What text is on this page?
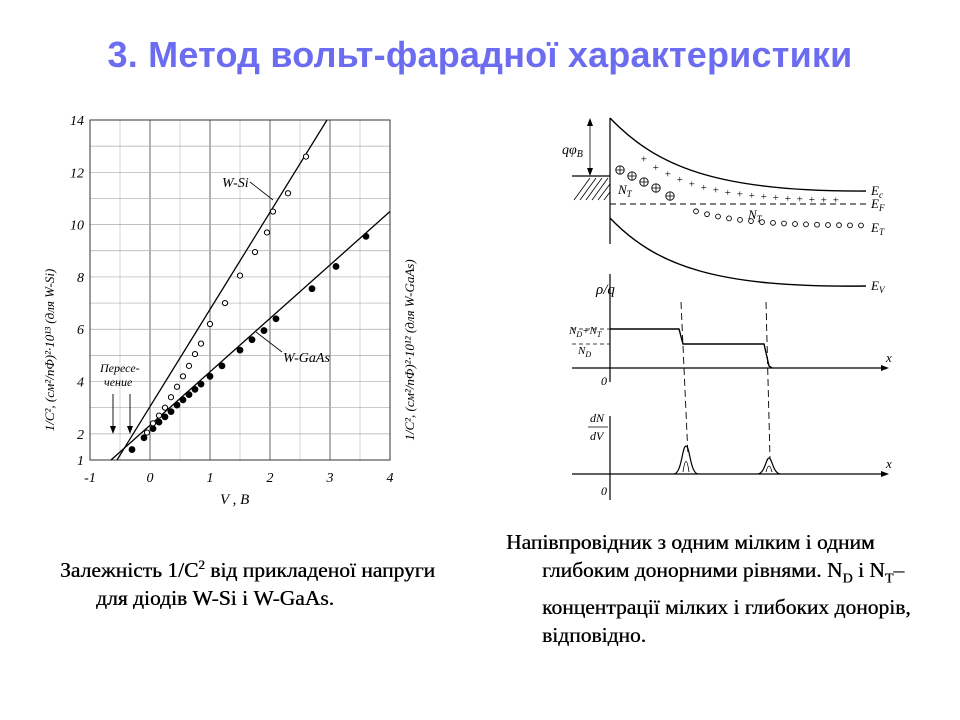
3. Метод вольт-фарадної характеристики
-1	0	1	2	3	4
1
2
4
6
8
10
12
14
V , B
1/C², (см²/пФ)²·10¹³ (для W-Si)	1/C², (см²/пФ)²·10¹² (для W-GaAs)
W-Si
W-GaAs
Пересе-чение
$q\varphi_B$
$E_c$
$E_F$
+
+
+ + + + + + + + + + + + + + +
$N_T$
$N_T$
$E_T$
$E_V$
ρ/q
x
0
$N_D+N_T$
$N_D$
dN
dV
x
0
Залежність $1/С^2$ від прикладеної напруги для діодів W-Si і W-GaAs.
Напівпровідник з одним мілким і одним глибоким донорними рівнями. $N_D$ і $N_T-$ концентрації мілких і глибоких донорів, відповідно.
